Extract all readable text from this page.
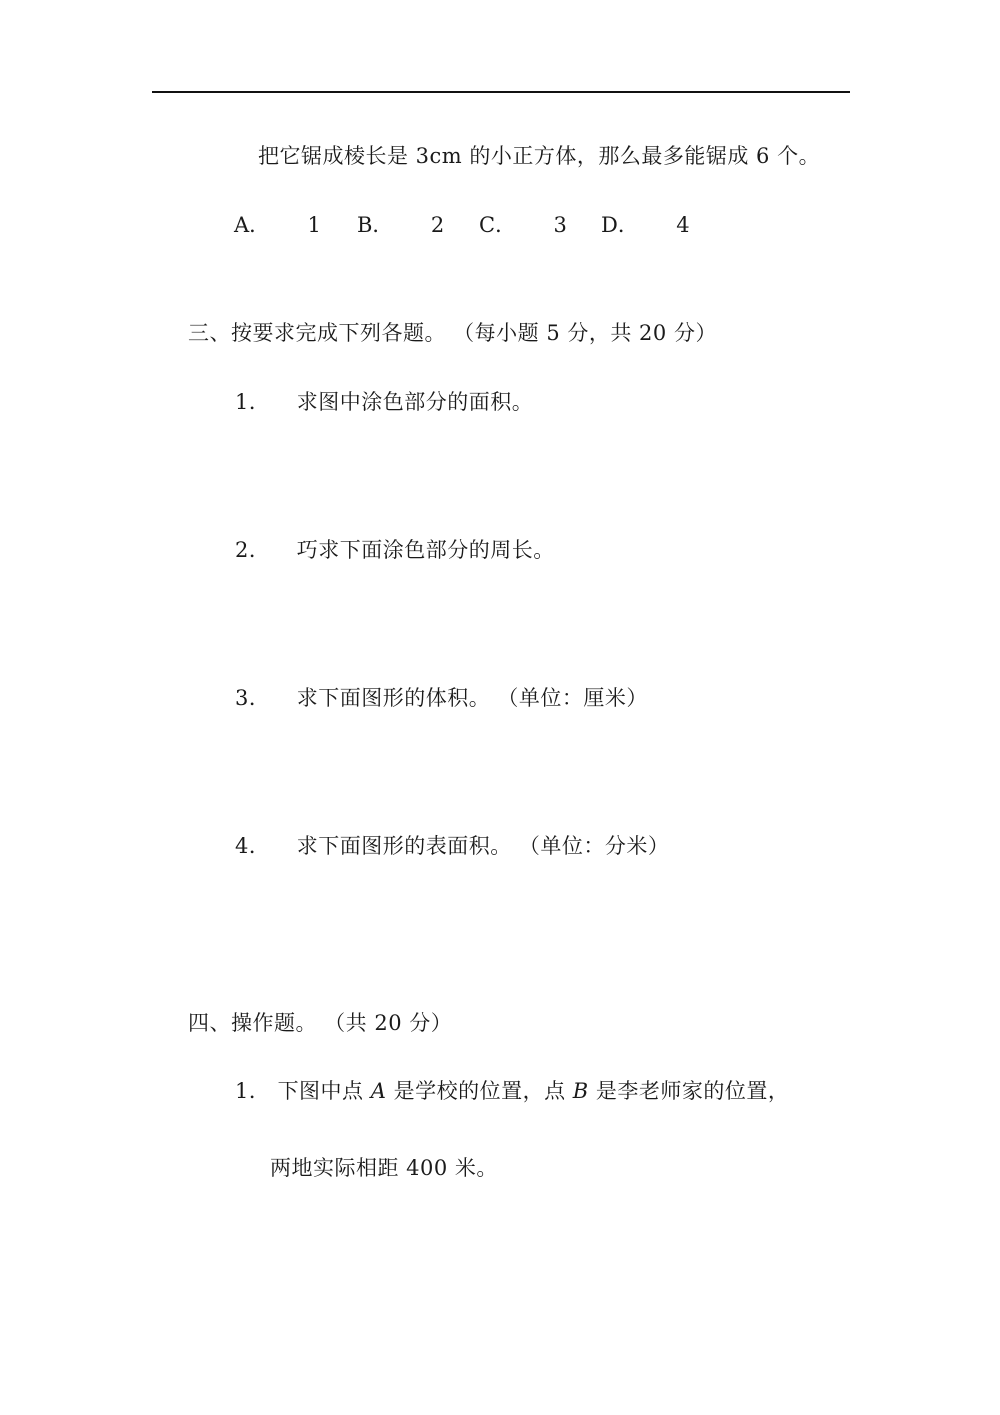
把它锯成棱长是 3cm 的小正方体，那么最多能锯成 6 个。
A． 1 B． 2 C． 3 D． 4
三、按要求完成下列各题。 （每小题 5 分，共 20 分）
1． 求图中涂色部分的面积。
2． 巧求下面涂色部分的周长。
3． 求下面图形的体积。 （单位：厘米）
4． 求下面图形的表面积。 （单位：分米）
四、操作题。 （共 20 分）
1． 下图中点 A 是学校的位置，点 B 是李老师家的位置，
两地实际相距 400 米。
